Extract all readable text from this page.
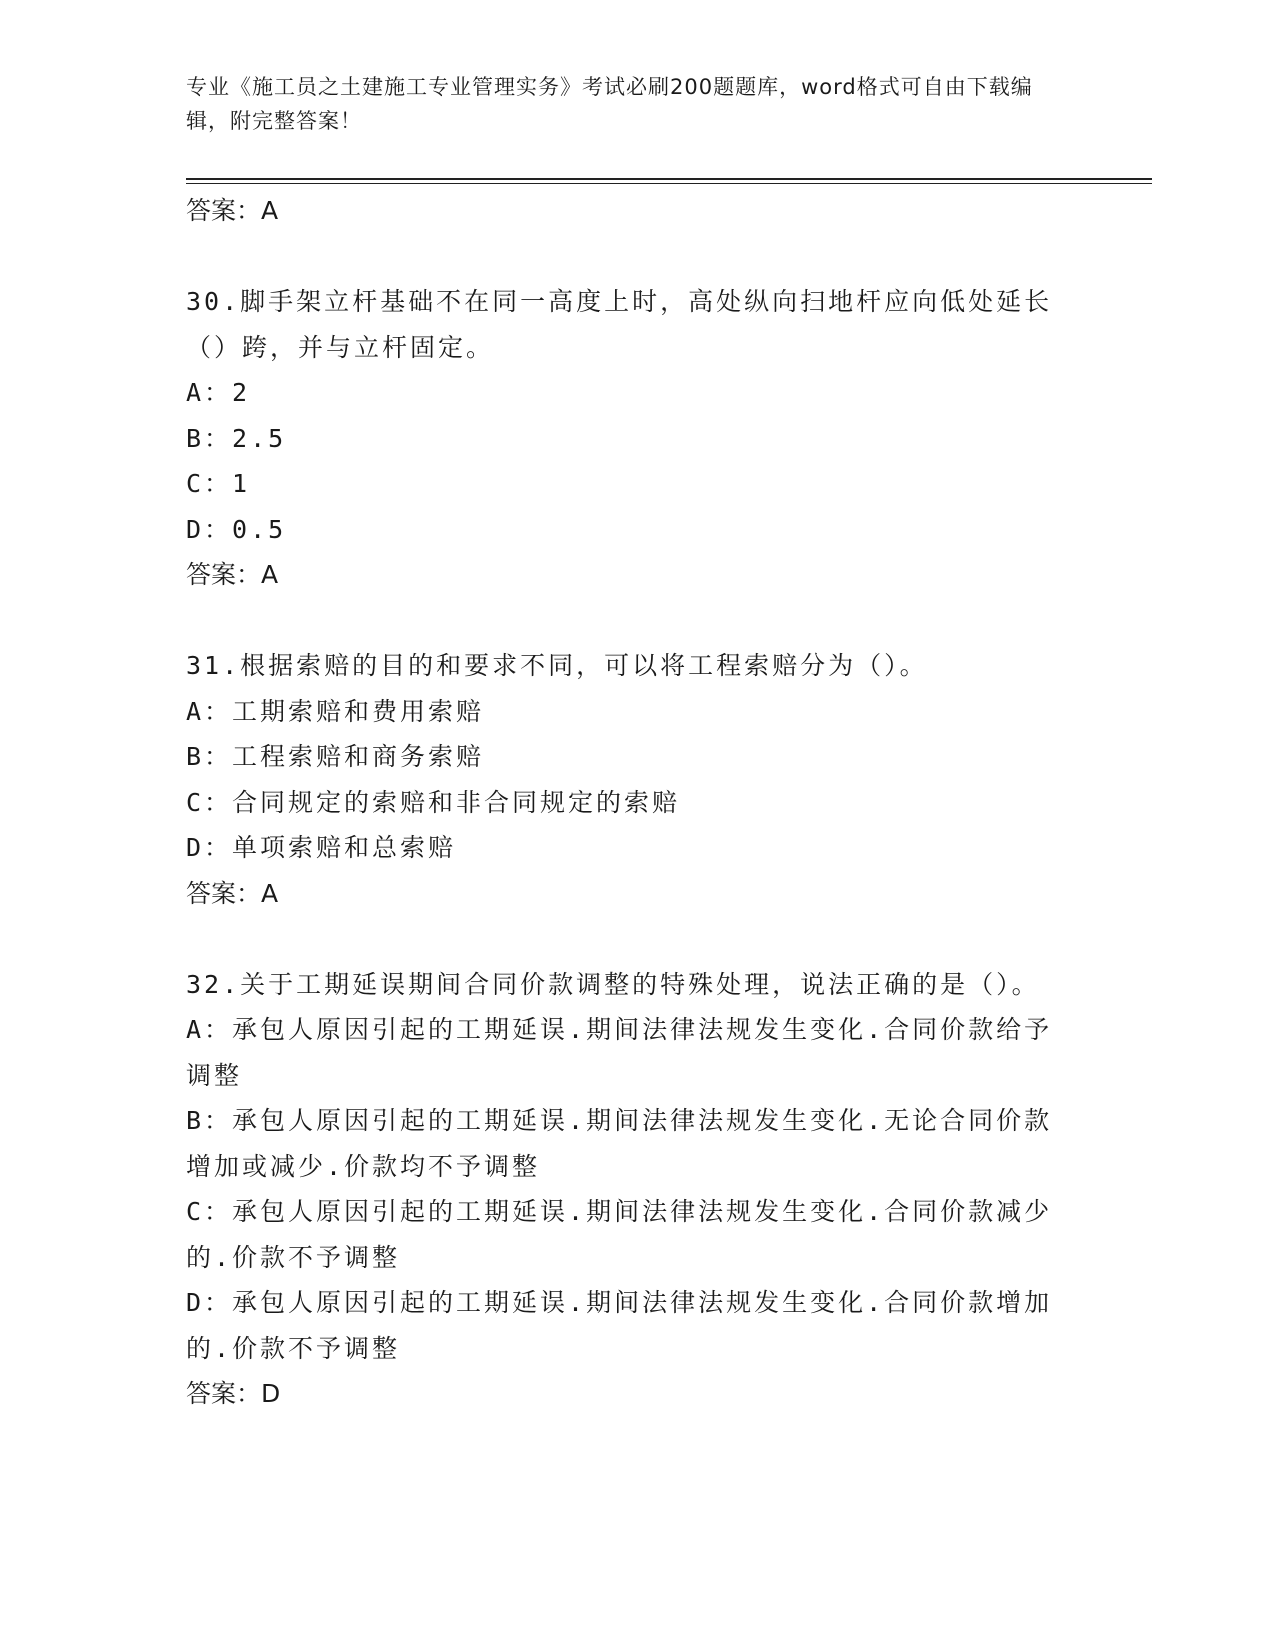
专业《施工员之土建施工专业管理实务》考试必刷200题题库，word格式可自由下载编辑，附完整答案！

答案：A

30.脚手架立杆基础不在同一高度上时，高处纵向扫地杆应向低处延长（）跨，并与立杆固定。

A：2

B：2.5

C：1

D：0.5

答案：A

31.根据索赔的目的和要求不同，可以将工程索赔分为（）。

A：工期索赔和费用索赔

B：工程索赔和商务索赔

C：合同规定的索赔和非合同规定的索赔

D：单项索赔和总索赔

答案：A

32.关于工期延误期间合同价款调整的特殊处理，说法正确的是（）。

A：承包人原因引起的工期延误.期间法律法规发生变化.合同价款给予调整

B：承包人原因引起的工期延误.期间法律法规发生变化.无论合同价款增加或减少.价款均不予调整

C：承包人原因引起的工期延误.期间法律法规发生变化.合同价款减少的.价款不予调整

D：承包人原因引起的工期延误.期间法律法规发生变化.合同价款增加的.价款不予调整

答案：D
